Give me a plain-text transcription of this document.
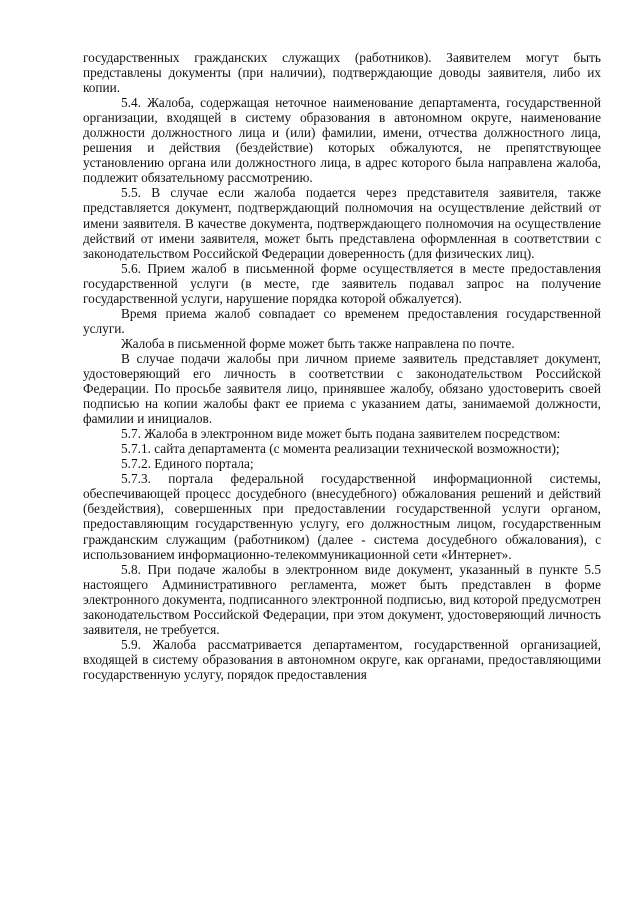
государственных гражданских служащих (работников). Заявителем могут быть представлены документы (при наличии), подтверждающие доводы заявителя, либо их копии.

5.4. Жалоба, содержащая неточное наименование департамента, государственной организации, входящей в систему образования в автономном округе, наименование должности должностного лица и (или) фамилии, имени, отчества должностного лица, решения и действия (бездействие) которых обжалуются, не препятствующее установлению органа или должностного лица, в адрес которого была направлена жалоба, подлежит обязательному рассмотрению.

5.5. В случае если жалоба подается через представителя заявителя, также представляется документ, подтверждающий полномочия на осуществление действий от имени заявителя. В качестве документа, подтверждающего полномочия на осуществление действий от имени заявителя, может быть представлена оформленная в соответствии с законодательством Российской Федерации доверенность (для физических лиц).

5.6. Прием жалоб в письменной форме осуществляется в месте предоставления государственной услуги (в месте, где заявитель подавал запрос на получение государственной услуги, нарушение порядка которой обжалуется).

Время приема жалоб совпадает со временем предоставления государственной услуги.

Жалоба в письменной форме может быть также направлена по почте.

В случае подачи жалобы при личном приеме заявитель представляет документ, удостоверяющий его личность в соответствии с законодательством Российской Федерации. По просьбе заявителя лицо, принявшее жалобу, обязано удостоверить своей подписью на копии жалобы факт ее приема с указанием даты, занимаемой должности, фамилии и инициалов.

5.7. Жалоба в электронном виде может быть подана заявителем посредством:

5.7.1. сайта департамента (с момента реализации технической возможности);

5.7.2. Единого портала;

5.7.3. портала федеральной государственной информационной системы, обеспечивающей процесс досудебного (внесудебного) обжалования решений и действий (бездействия), совершенных при предоставлении государственной услуги органом, предоставляющим государственную услугу, его должностным лицом, государственным гражданским служащим (работником) (далее - система досудебного обжалования), с использованием информационно-телекоммуникационной сети «Интернет».

5.8. При подаче жалобы в электронном виде документ, указанный в пункте 5.5 настоящего Административного регламента, может быть представлен в форме электронного документа, подписанного электронной подписью, вид которой предусмотрен законодательством Российской Федерации, при этом документ, удостоверяющий личность заявителя, не требуется.

5.9. Жалоба рассматривается департаментом, государственной организацией, входящей в систему образования в автономном округе, как органами, предоставляющими государственную услугу, порядок предоставления
